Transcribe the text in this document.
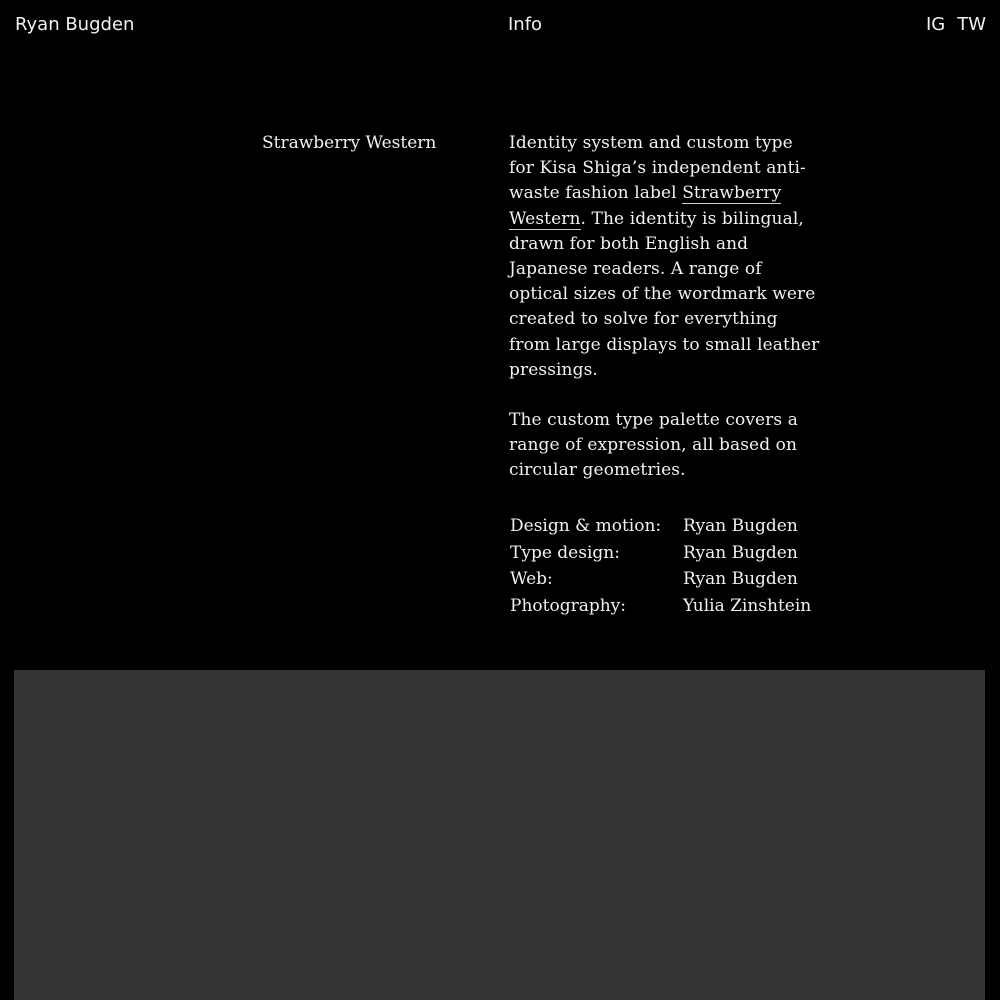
Ryan Bugden	Info	IG TW
Strawberry Western	Identity system and custom type for Kisa Shiga’s independent anti-waste fashion label Strawberry Western. The identity is bilingual, drawn for both English and Japanese readers. A range of optical sizes of the wordmark were created to solve for everything from large displays to small leather pressings.

The custom type palette covers a range of expression, all based on circular geometries.

Design & motion:	Ryan Bugden
Type design:	Ryan Bugden
Web:	Ryan Bugden
Photography:	Yulia Zinshtein
